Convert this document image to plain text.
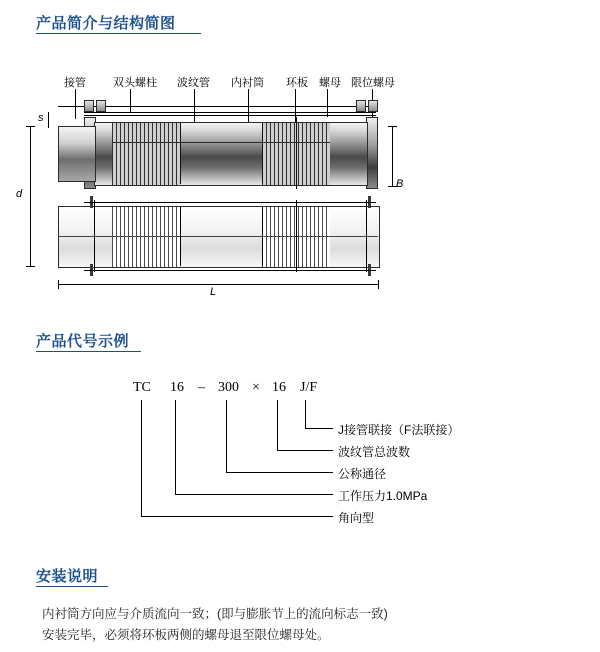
产品简介与结构简图
接管 双头螺柱 波纹管 内衬筒 环板 螺母 限位螺母
s
d
B
L
产品代号示例
TC 16 – 300 × 16 J/F
J接管联接（F法联接）
波纹管总波数
公称通径
工作压力1.0MPa
角向型
安装说明
内衬筒方向应与介质流向一致；(即与膨胀节上的流向标志一致)
安装完毕，必须将环板两侧的螺母退至限位螺母处。
